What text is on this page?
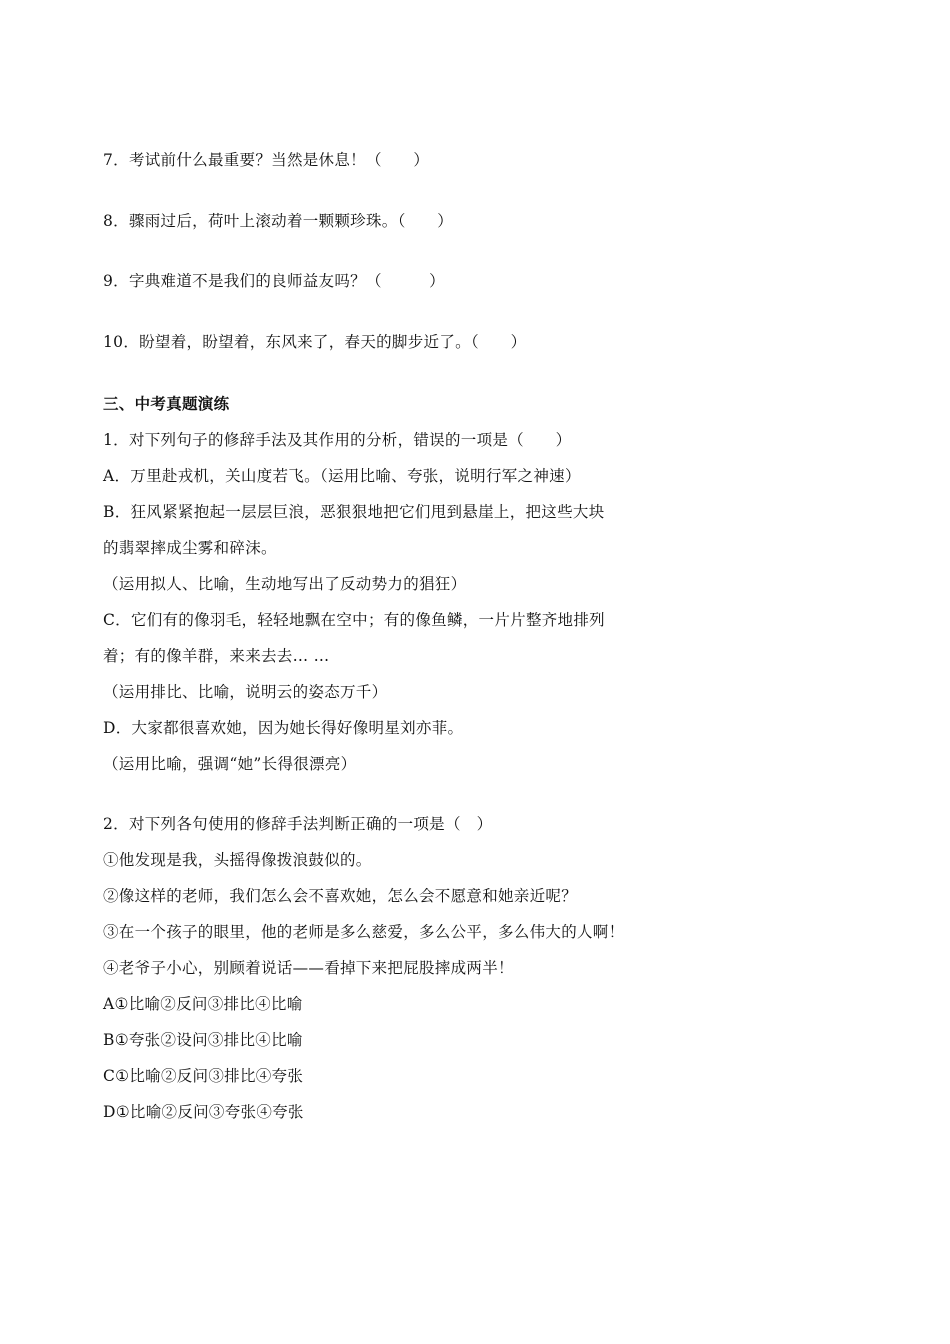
7．考试前什么最重要？当然是休息！（　　）
8．骤雨过后，荷叶上滚动着一颗颗珍珠。（　　）
9．字典难道不是我们的良师益友吗？（　　　）
10．盼望着，盼望着，东风来了，春天的脚步近了。（　　）
三、中考真题演练
1．对下列句子的修辞手法及其作用的分析，错误的一项是（　　）
A．万里赴戎机，关山度若飞。（运用比喻、夸张，说明行军之神速）
B．狂风紧紧抱起一层层巨浪，恶狠狠地把它们甩到悬崖上，把这些大块
的翡翠摔成尘雾和碎沫。
（运用拟人、比喻，生动地写出了反动势力的猖狂）
C．它们有的像羽毛，轻轻地飘在空中；有的像鱼鳞，一片片整齐地排列
着；有的像羊群，来来去去… …
（运用排比、比喻，说明云的姿态万千）
D．大家都很喜欢她，因为她长得好像明星刘亦菲。
（运用比喻，强调“她”长得很漂亮）
2．对下列各句使用的修辞手法判断正确的一项是（　）
①他发现是我，头摇得像拨浪鼓似的。
②像这样的老师，我们怎么会不喜欢她，怎么会不愿意和她亲近呢？
③在一个孩子的眼里，他的老师是多么慈爱，多么公平，多么伟大的人啊！
④老爷子小心，别顾着说话——看掉下来把屁股摔成两半！
A①比喻②反问③排比④比喻
B①夸张②设问③排比④比喻
C①比喻②反问③排比④夸张
D①比喻②反问③夸张④夸张
